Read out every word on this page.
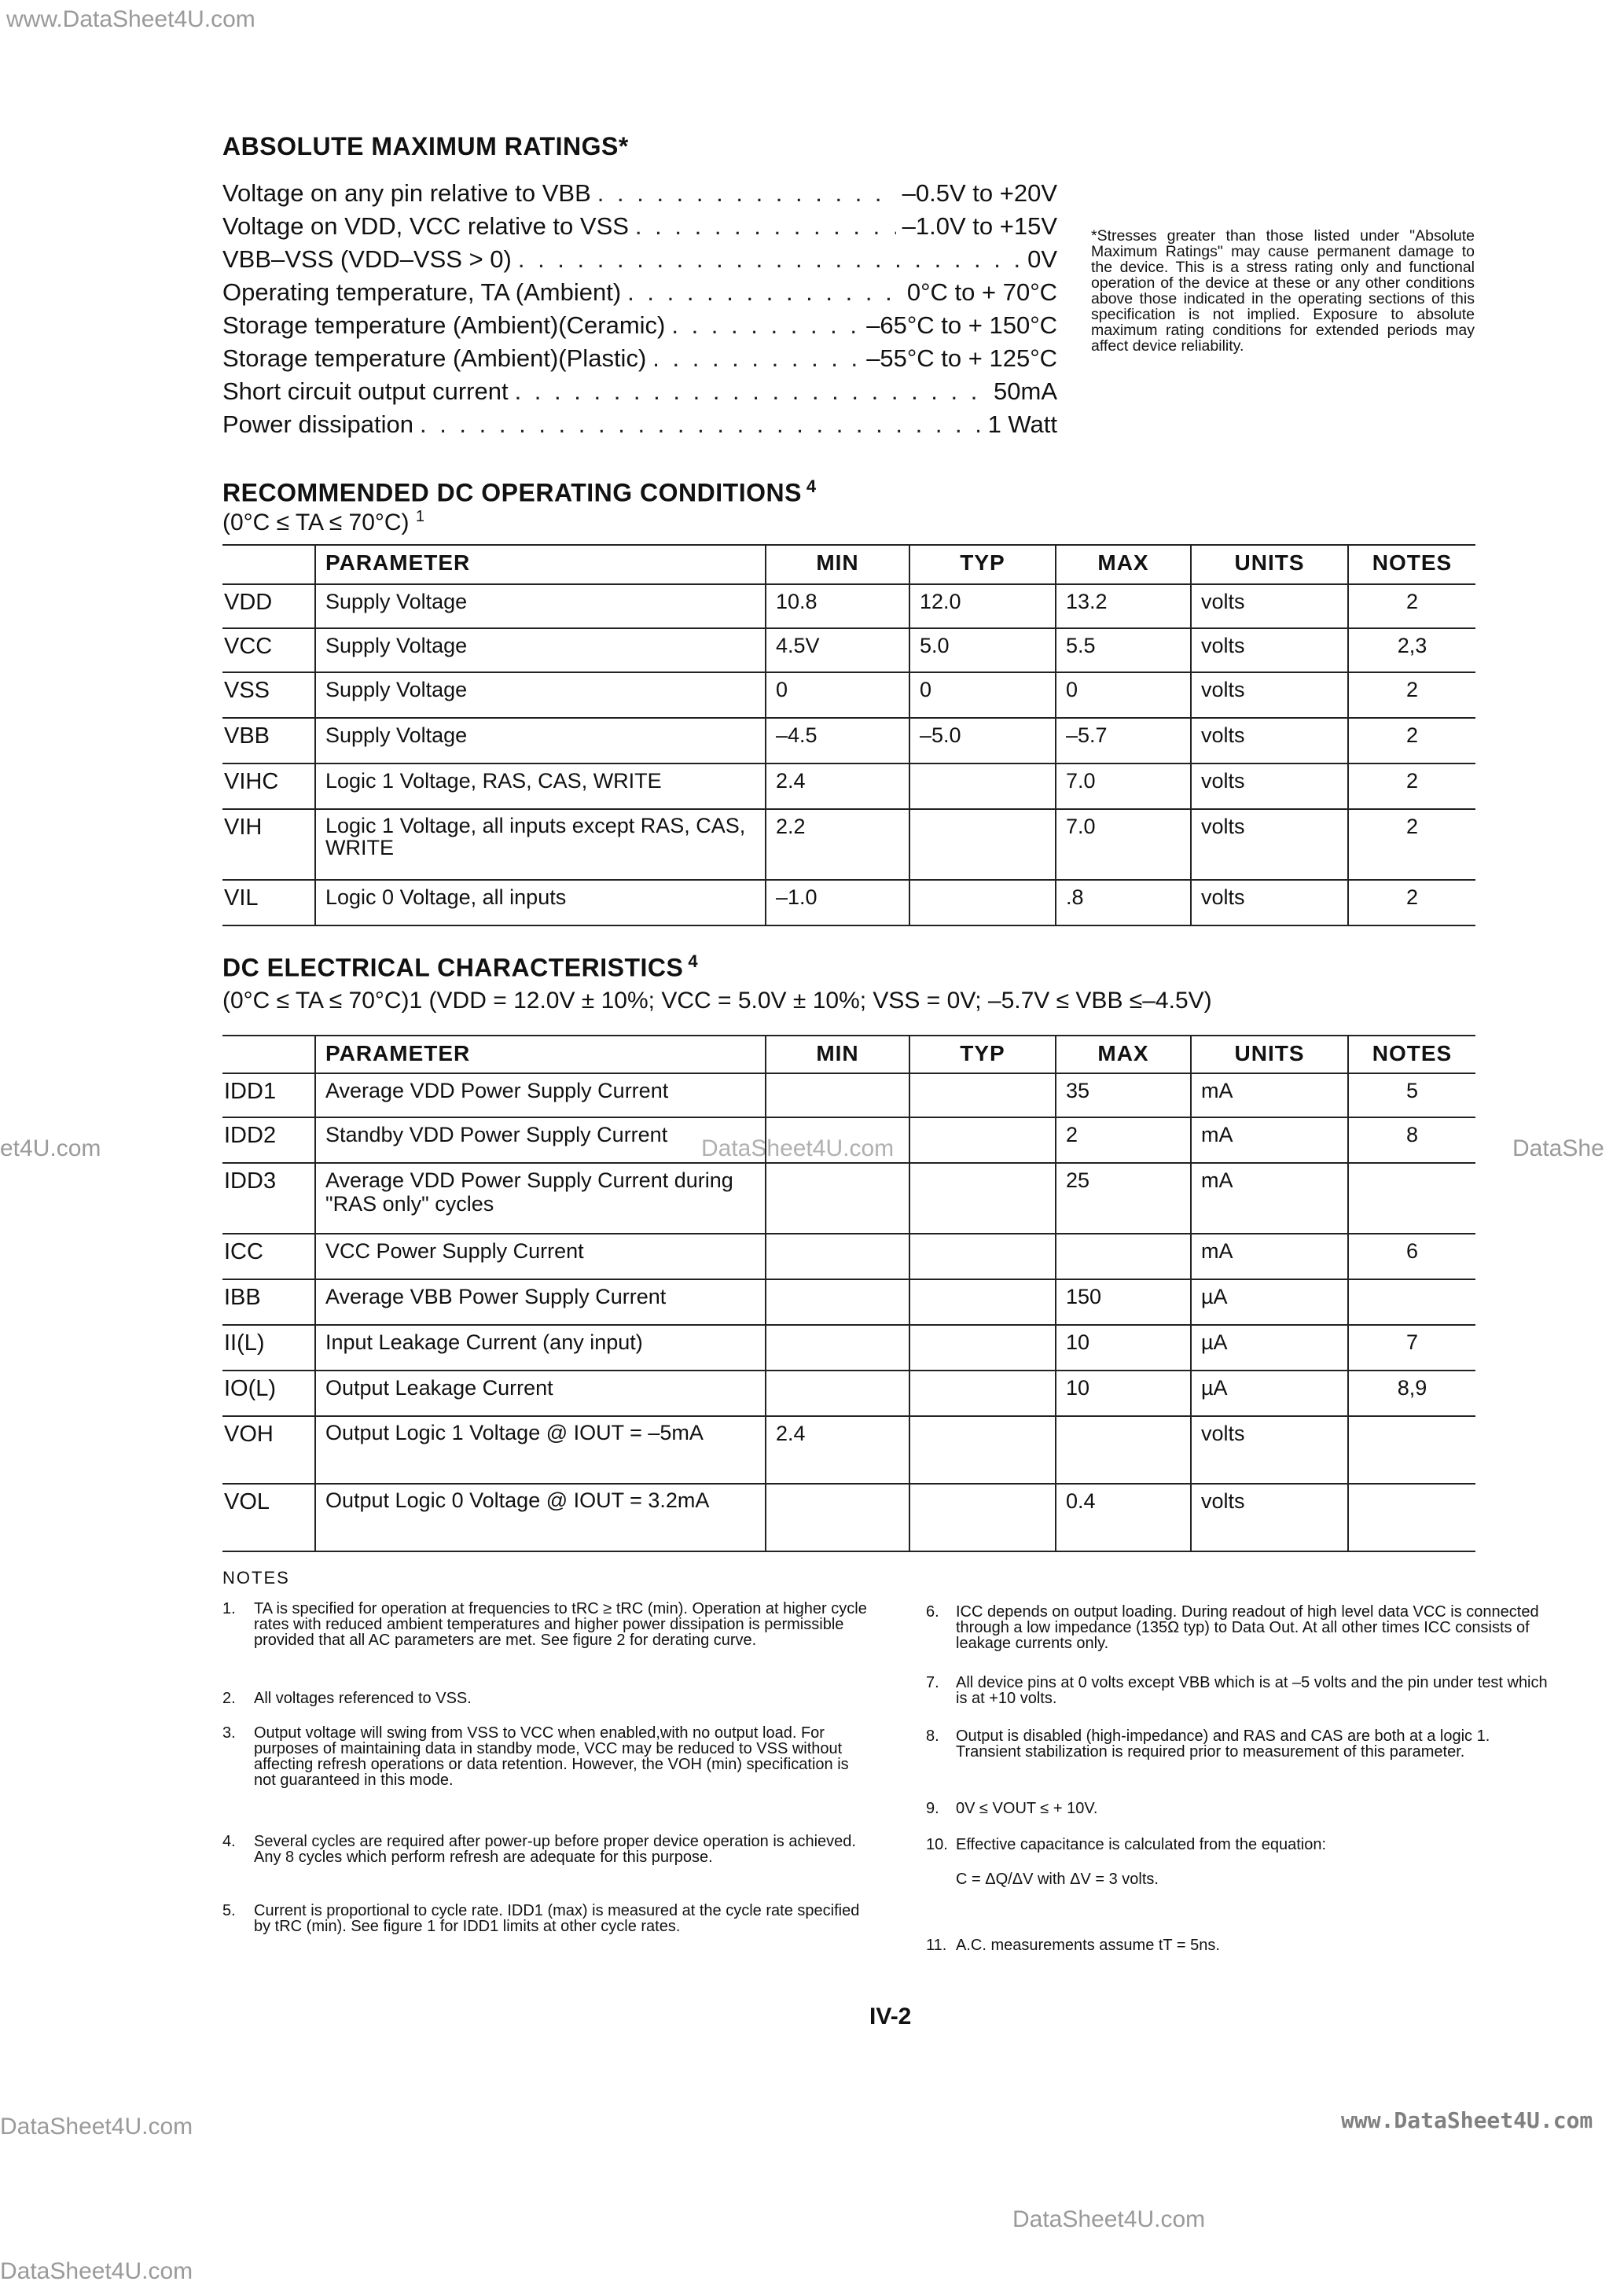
www.DataSheet4U.com
et4U.com	DataSheet4U.com	DataShe
DataSheet4U.com	www.DataSheet4U.com
DataSheet4U.com
DataSheet4U.com
ABSOLUTE MAXIMUM RATINGS*
Voltage on any pin relative to VBB . . .	–0.5V to +20V
Voltage on VDD, VCC relative to VSS . . .	–1.0V to +15V
VBB–VSS (VDD–VSS > 0) . . .	0V
Operating temperature, TA (Ambient) . . .	0°C to + 70°C
Storage temperature (Ambient)(Ceramic) . . .	–65°C to + 150°C
Storage temperature (Ambient)(Plastic) . . .	–55°C to + 125°C
Short circuit output current . . .	50mA
Power dissipation . . .	1 Watt
*Stresses greater than those listed under "Absolute Maximum Ratings" may cause permanent damage to the device. This is a stress rating only and functional operation of the device at these or any other conditions above those indicated in the operating sections of this specification is not implied. Exposure to absolute maximum rating conditions for extended periods may affect device reliability.
RECOMMENDED DC OPERATING CONDITIONS $^4$
(0°C ≤ TA ≤ 70°C) $^1$
	PARAMETER	MIN	TYP	MAX	UNITS	NOTES
VDD	Supply Voltage	10.8	12.0	13.2	volts	2
VCC	Supply Voltage	4.5V	5.0	5.5	volts	2,3
VSS	Supply Voltage	0	0	0	volts	2
VBB	Supply Voltage	–4.5	–5.0	–5.7	volts	2
VIHC	Logic 1 Voltage, RAS, CAS, WRITE	2.4		7.0	volts	2
VIH	Logic 1 Voltage, all inputs except RAS, CAS, WRITE	2.2		7.0	volts	2
VIL	Logic 0 Voltage, all inputs	–1.0		.8	volts	2
DC ELECTRICAL CHARACTERISTICS $^4$
(0°C ≤ TA ≤ 70°C)1 (VDD = 12.0V ± 10%; VCC = 5.0V ± 10%; VSS = 0V; –5.7V ≤ VBB ≤–4.5V)
	PARAMETER	MIN	TYP	MAX	UNITS	NOTES
IDD1	Average VDD Power Supply Current			35	mA	5
IDD2	Standby VDD Power Supply Current			2	mA	8
IDD3	Average VDD Power Supply Current during "RAS only" cycles			25	mA	
ICC	VCC Power Supply Current				mA	6
IBB	Average VBB Power Supply Current			150	µA	
II(L)	Input Leakage Current (any input)			10	µA	7
IO(L)	Output Leakage Current			10	µA	8,9
VOH	Output Logic 1 Voltage @ IOUT = –5mA	2.4			volts	
VOL	Output Logic 0 Voltage @ IOUT = 3.2mA			0.4	volts	
NOTES
1.	TA is specified for operation at frequencies to tRC ≥ tRC (min). Operation at higher cycle rates with reduced ambient temperatures and higher power dissipation is permissible provided that all AC parameters are met. See figure 2 for derating curve.
2.	All voltages referenced to VSS.
3.	Output voltage will swing from VSS to VCC when enabled,with no output load. For purposes of maintaining data in standby mode, VCC may be reduced to VSS without affecting refresh operations or data retention. However, the VOH (min) specification is not guaranteed in this mode.
4.	Several cycles are required after power-up before proper device operation is achieved. Any 8 cycles which perform refresh are adequate for this purpose.
5.	Current is proportional to cycle rate. IDD1 (max) is measured at the cycle rate specified by tRC (min). See figure 1 for IDD1 limits at other cycle rates.
6.	ICC depends on output loading. During readout of high level data VCC is connected through a low impedance (135Ω typ) to Data Out. At all other times ICC consists of leakage currents only.
7.	All device pins at 0 volts except VBB which is at –5 volts and the pin under test which is at +10 volts.
8.	Output is disabled (high-impedance) and RAS and CAS are both at a logic 1. Transient stabilization is required prior to measurement of this parameter.
9.	0V ≤ VOUT ≤ + 10V.
10. Effective capacitance is calculated from the equation:
C = ΔQ/ΔV with ΔV = 3 volts.
11. A.C. measurements assume tT = 5ns.
IV-2
